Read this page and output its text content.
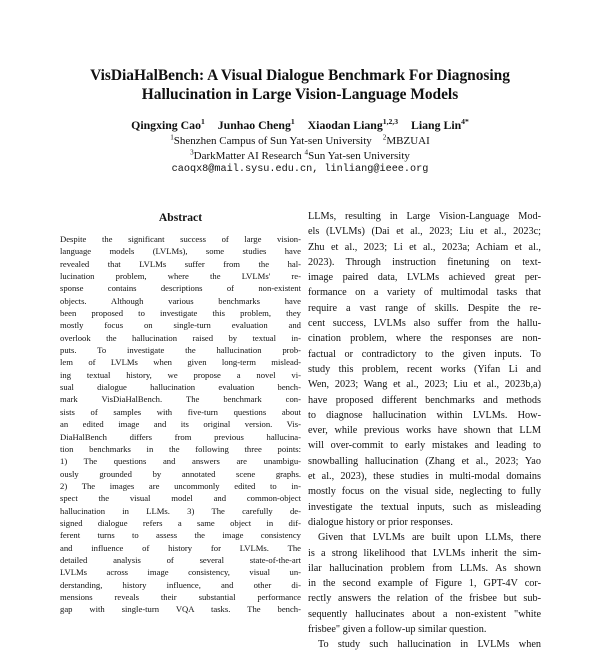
VisDiaHalBench: A Visual Dialogue Benchmark For Diagnosing
Hallucination in Large Vision-Language Models
Qingxing Cao$^1$ Junhao Cheng$^1$ Xiaodan Liang$^{1,2,3}$ Liang Lin$^{4*}$
$^1$Shenzhen Campus of Sun Yat-sen University $^2$MBZUAI
$^3$DarkMatter AI Research $^4$Sun Yat-sen University
caoqx8@mail.sysu.edu.cn, linliang@ieee.org
Abstract
Despite the significant success of large vision-
language models (LVLMs), some studies have
revealed that LVLMs suffer from the hal-
lucination problem, where the LVLMs' re-
sponse contains descriptions of non-existent
objects. Although various benchmarks have
been proposed to investigate this problem, they
mostly focus on single-turn evaluation and
overlook the hallucination raised by textual in-
puts. To investigate the hallucination prob-
lem of LVLMs when given long-term mislead-
ing textual history, we propose a novel vi-
sual dialogue hallucination evaluation bench-
mark VisDiaHalBench. The benchmark con-
sists of samples with five-turn questions about
an edited image and its original version. Vis-
DiaHalBench differs from previous hallucina-
tion benchmarks in the following three points:
1) The questions and answers are unambigu-
ously grounded by annotated scene graphs.
2) The images are uncommonly edited to in-
spect the visual model and common-object
hallucination in LLMs. 3) The carefully de-
signed dialogue refers a same object in dif-
ferent turns to assess the image consistency
and influence of history for LVLMs. The
detailed analysis of several state-of-the-art
LVLMs across image consistency, visual un-
derstanding, history influence, and other di-
mensions reveals their substantial performance
gap with single-turn VQA tasks. The bench-
LLMs, resulting in Large Vision-Language Mod-
els (LVLMs) (Dai et al., 2023; Liu et al., 2023c;
Zhu et al., 2023; Li et al., 2023a; Achiam et al.,
2023). Through instruction finetuning on text-
image paired data, LVLMs achieved great per-
formance on a variety of multimodal tasks that
require a vast range of skills. Despite the re-
cent success, LVLMs also suffer from the hallu-
cination problem, where the responses are non-
factual or contradictory to the given inputs. To
study this problem, recent works (Yifan Li and
Wen, 2023; Wang et al., 2023; Liu et al., 2023b,a)
have proposed different benchmarks and methods
to diagnose hallucination within LVLMs. How-
ever, while previous works have shown that LLM
will over-commit to early mistakes and leading to
snowballing hallucination (Zhang et al., 2023; Yao
et al., 2023), these studies in multi-modal domains
mostly focus on the visual side, neglecting to fully
investigate the textual inputs, such as misleading
dialogue history or prior responses.
Given that LVLMs are built upon LLMs, there
is a strong likelihood that LVLMs inherit the sim-
ilar hallucination problem from LLMs. As shown
in the second example of Figure 1, GPT-4V cor-
rectly answers the relation of the frisbee but sub-
sequently hallucinates about a non-existent "white
frisbee" given a follow-up similar question.
To study such hallucination in LVLMs when
